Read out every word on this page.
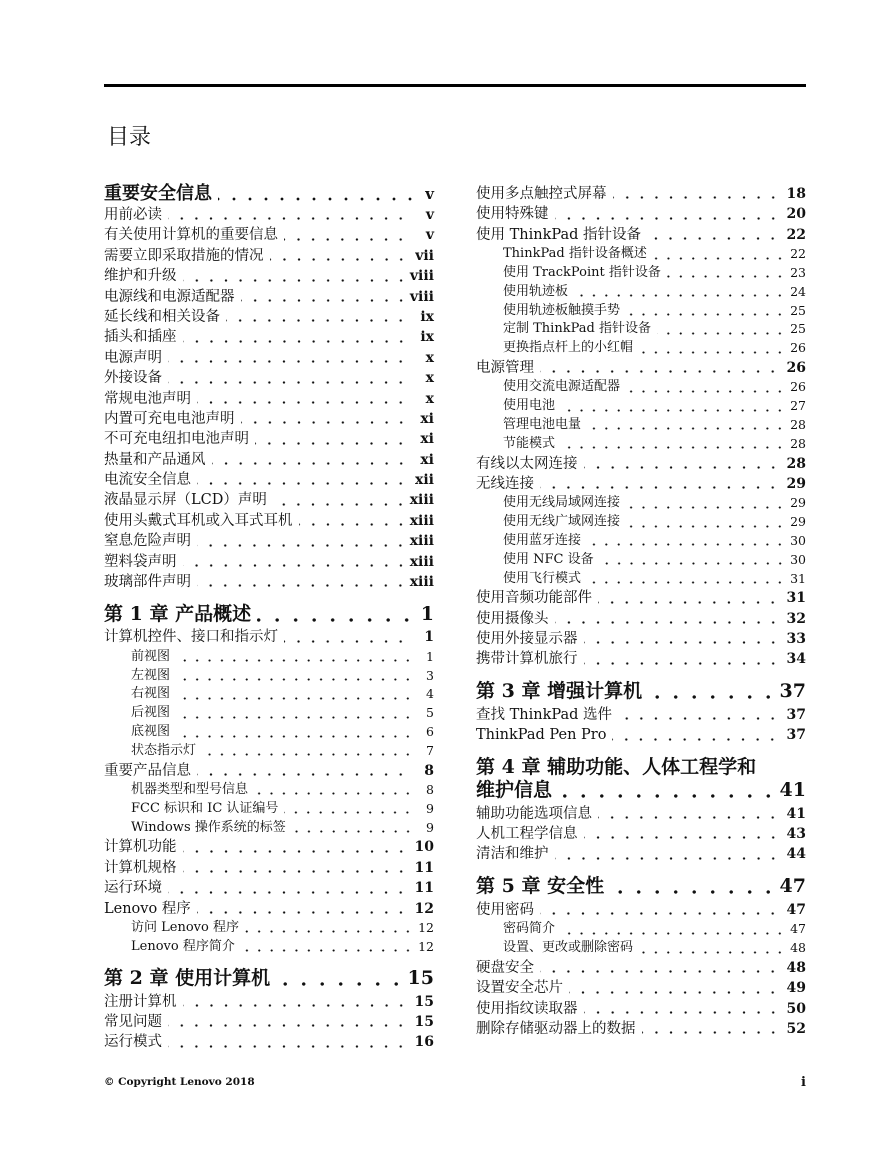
目录
重要安全信息	v
用前必读	v
有关使用计算机的重要信息	v
需要立即采取措施的情况	vii
维护和升级	viii
电源线和电源适配器	viii
延长线和相关设备	ix
插头和插座	ix
电源声明	x
外接设备	x
常规电池声明	x
内置可充电电池声明	xi
不可充电纽扣电池声明	xi
热量和产品通风	xi
电流安全信息	xii
液晶显示屏（LCD）声明	xiii
使用头戴式耳机或入耳式耳机	xiii
窒息危险声明	xiii
塑料袋声明	xiii
玻璃部件声明	xiii
第 1 章 产品概述	1
计算机控件、接口和指示灯	1
前视图	1
左视图	3
右视图	4
后视图	5
底视图	6
状态指示灯	7
重要产品信息	8
机器类型和型号信息	8
FCC 标识和 IC 认证编号	9
Windows 操作系统的标签	9
计算机功能	10
计算机规格	11
运行环境	11
Lenovo 程序	12
访问 Lenovo 程序	12
Lenovo 程序简介	12
第 2 章 使用计算机	15
注册计算机	15
常见问题	15
运行模式	16
使用多点触控式屏幕	18
使用特殊键	20
使用 ThinkPad 指针设备	22
ThinkPad 指针设备概述	22
使用 TrackPoint 指针设备	23
使用轨迹板	24
使用轨迹板触摸手势	25
定制 ThinkPad 指针设备	25
更换指点杆上的小红帽	26
电源管理	26
使用交流电源适配器	26
使用电池	27
管理电池电量	28
节能模式	28
有线以太网连接	28
无线连接	29
使用无线局域网连接	29
使用无线广域网连接	29
使用蓝牙连接	30
使用 NFC 设备	30
使用飞行模式	31
使用音频功能部件	31
使用摄像头	32
使用外接显示器	33
携带计算机旅行	34
第 3 章 增强计算机	37
查找 ThinkPad 选件	37
ThinkPad Pen Pro	37
第 4 章 辅助功能、人体工程学和
维护信息	41
辅助功能选项信息	41
人机工程学信息	43
清洁和维护	44
第 5 章 安全性	47
使用密码	47
密码简介	47
设置、更改或删除密码	48
硬盘安全	48
设置安全芯片	49
使用指纹读取器	50
删除存储驱动器上的数据	52
© Copyright Lenovo 2018	i
